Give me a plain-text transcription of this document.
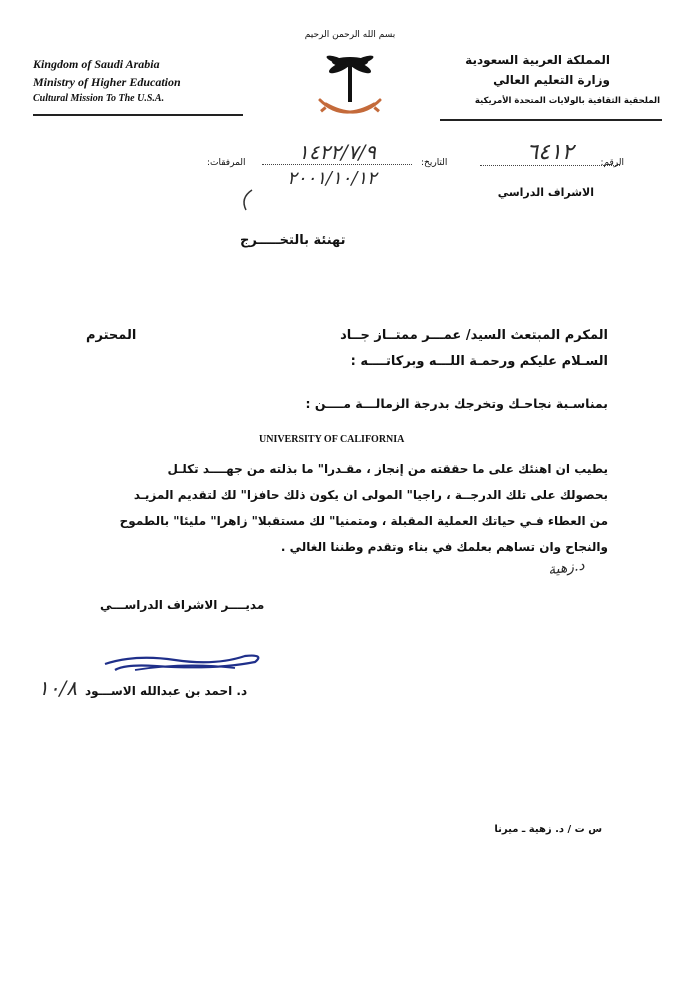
بسم الله الرحمن الرحيم
Kingdom of Saudi Arabia
Ministry of Higher Education
Cultural Mission To The U.S.A.
المملكة العربية السعودية
وزارة التعليم العالي
الملحقية الثقافية بالولايات المتحدة الأمريكية
الرقم:
٦٤١٢
التاريخ:
١٤٢٢/٧/٩
٢٠٠١/١٠/١٢
المرفقات:
الاشراف الدراسي
تهنئة بالتخـــــرج
المكرم المبتعث السيد/ عمـــر ممتــاز جــاد
المحترم
السـلام عليكم ورحمـة اللـــه وبركاتــــه :
بمناسـبة نجاحـك وتخرجك بدرجة الزمالـــة مــــن :
UNIVERSITY OF CALIFORNIA
يطيب ان اهنئك على ما حققته من إنجاز ، مقـدرا" ما بذلته من جهــــد تكلـل
بحصولك على تلك الدرجــة ، راجيا" المولى ان يكون ذلك حافزا" لك لتقديم المزيـد
من العطاء فـي حياتك العملية المقبلة ، ومتمنيا" لك مستقبلا" زاهرا" مليئا" بالطموح
والنجاح وان تساهم بعلمك في بناء وتقدم وطننا الغالي .
د.زهية
مديــــر الاشراف الدراســـي
د. احمد بن عبدالله الاســـود
١٠/٨
س ت / د. زهية ـ ميرنا
